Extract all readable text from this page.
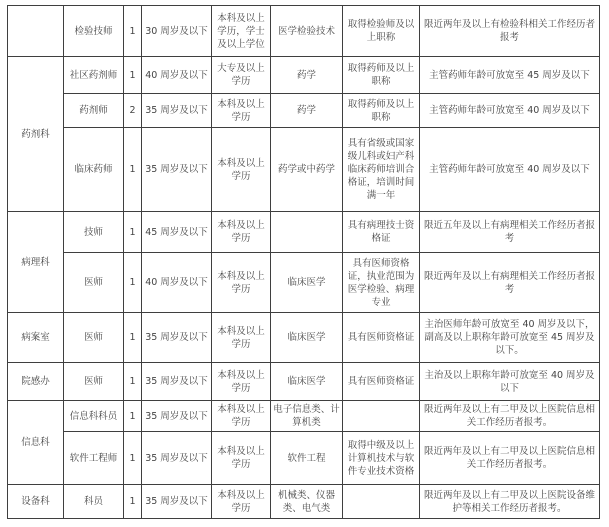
	检验技师	1	30 周岁及以下	本科及以上学历，学士及以上学位	医学检验技术	取得检验师及以上职称	限近两年及以上有检验科相关工作经历者报考
药剂科	社区药剂师	1	40 周岁及以下	大专及以上学历	药学	取得药师及以上职称	主管药师年龄可放宽至 45 周岁及以下
	药剂师	2	35 周岁及以下	本科及以上学历	药学	取得药师及以上职称	主管药师年龄可放宽至 40 周岁及以下
	临床药师	1	35 周岁及以下	本科及以上学历	药学或中药学	具有省级或国家级儿科或妇产科临床药师培训合格证，培训时间满一年	主管药师年龄可放宽至 40 周岁及以下
病理科	技师	1	45 周岁及以下	本科及以上学历		具有病理技士资格证	限近五年及以上有病理相关工作经历者报考
	医师	1	40 周岁及以下	本科及以上学历	临床医学	具有医师资格证，执业范围为医学检验、病理专业	限近两年及以上有病理相关工作经历者报考
病案室	医师	1	35 周岁及以下	本科及以上学历	临床医学	具有医师资格证	主治医师年龄可放宽至 40 周岁及以下，副高及以上职称年龄可放宽至 45 周岁及以下。
院感办	医师	1	35 周岁及以下	本科及以上学历	临床医学	具有医师资格证	主治及以上职称年龄可放宽至 40 周岁及以下
信息科	信息科科员	1	35 周岁及以下	本科及以上学历	电子信息类、计算机类		限近两年及以上有二甲及以上医院信息相关工作经历者报考。
	软件工程师	1	35 周岁及以下	本科及以上学历	软件工程	取得中级及以上计算机技术与软件专业技术资格	限近两年及以上有二甲及以上医院信息相关工作经历者报考。
设备科	科员	1	35 周岁及以下	本科及以上学历	机械类、仪器类、电气类		限近两年及以上有二甲及以上医院设备维护等相关工作经历者报考。
